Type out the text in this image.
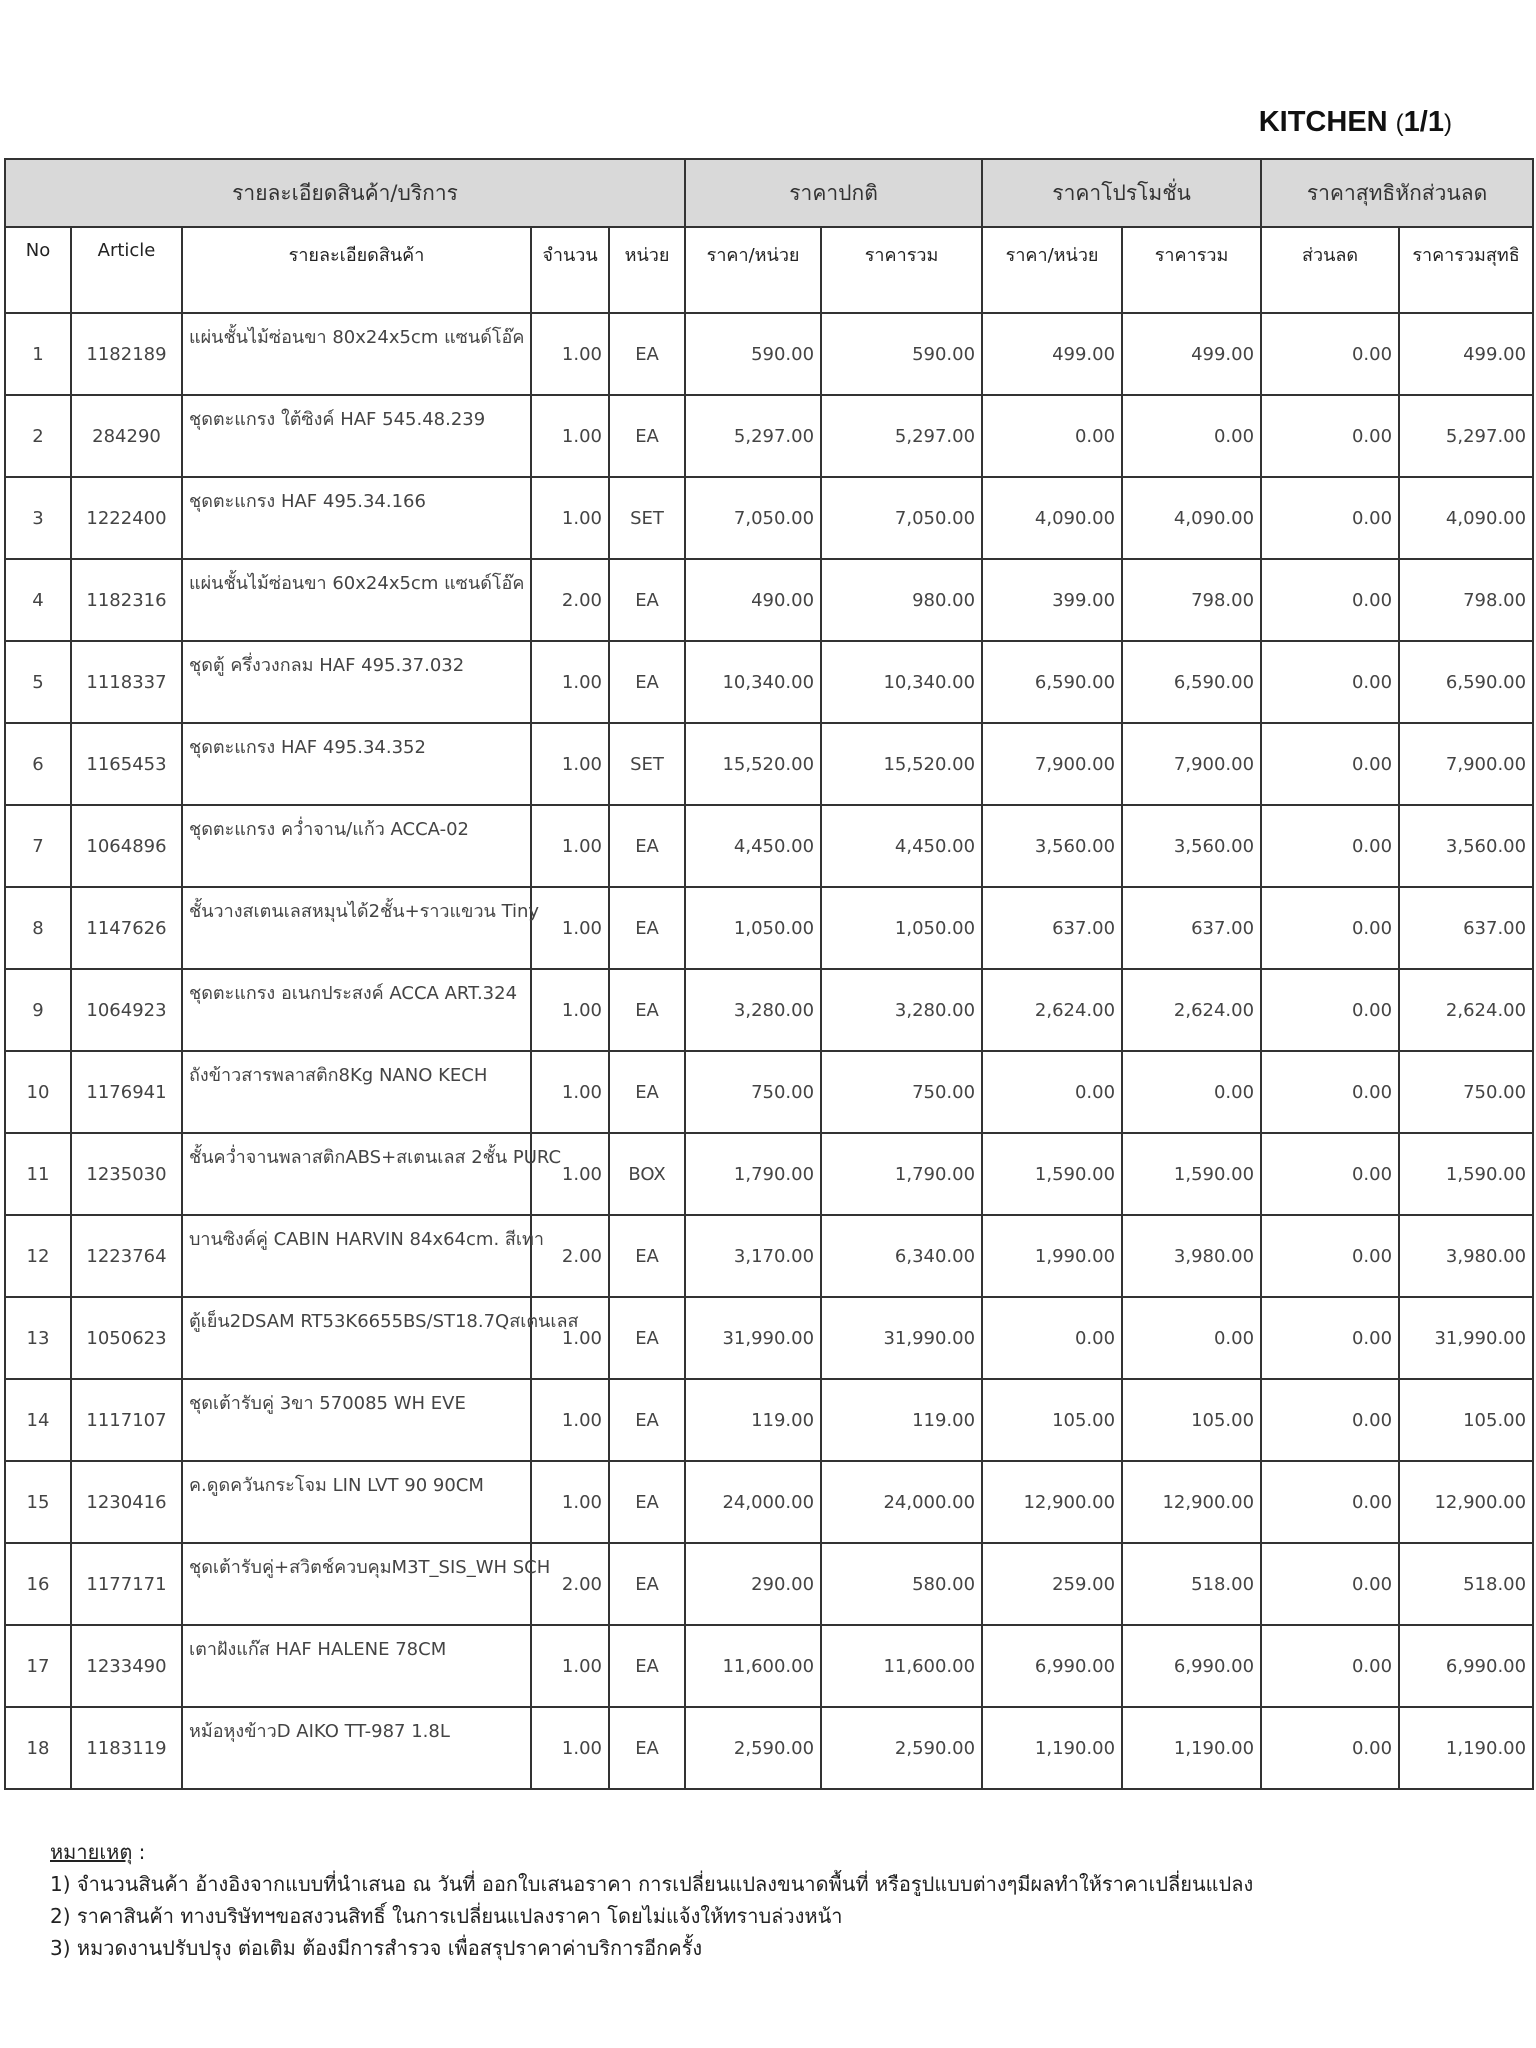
KITCHEN (1/1)
รายละเอียดสินค้า/บริการ					ราคาปกติ		ราคาโปรโมชั่น		ราคาสุทธิหักส่วนลด	
No	Article	รายละเอียดสินค้า	จำนวน	หน่วย	ราคา/หน่วย	ราคารวม	ราคา/หน่วย	ราคารวม	ส่วนลด	ราคารวมสุทธิ
1	1182189	แผ่นชั้นไม้ซ่อนขา 80x24x5cm แซนด์โอ๊ค	1.00	EA	590.00	590.00	499.00	499.00	0.00	499.00
2	284290	ชุดตะแกรง ใต้ซิงค์ HAF 545.48.239	1.00	EA	5,297.00	5,297.00	0.00	0.00	0.00	5,297.00
3	1222400	ชุดตะแกรง HAF 495.34.166	1.00	SET	7,050.00	7,050.00	4,090.00	4,090.00	0.00	4,090.00
4	1182316	แผ่นชั้นไม้ซ่อนขา 60x24x5cm แซนด์โอ๊ค	2.00	EA	490.00	980.00	399.00	798.00	0.00	798.00
5	1118337	ชุดตู้ ครึ่งวงกลม HAF 495.37.032	1.00	EA	10,340.00	10,340.00	6,590.00	6,590.00	0.00	6,590.00
6	1165453	ชุดตะแกรง HAF 495.34.352	1.00	SET	15,520.00	15,520.00	7,900.00	7,900.00	0.00	7,900.00
7	1064896	ชุดตะแกรง คว่ำจาน/แก้ว ACCA-02	1.00	EA	4,450.00	4,450.00	3,560.00	3,560.00	0.00	3,560.00
8	1147626	ชั้นวางสเตนเลสหมุนได้2ชั้น+ราวแขวน Tiny	1.00	EA	1,050.00	1,050.00	637.00	637.00	0.00	637.00
9	1064923	ชุดตะแกรง อเนกประสงค์ ACCA ART.324	1.00	EA	3,280.00	3,280.00	2,624.00	2,624.00	0.00	2,624.00
10	1176941	ถังข้าวสารพลาสติก8Kg NANO KECH	1.00	EA	750.00	750.00	0.00	0.00	0.00	750.00
11	1235030	ชั้นคว่ำจานพลาสติกABS+สเตนเลส 2ชั้น PURC	1.00	BOX	1,790.00	1,790.00	1,590.00	1,590.00	0.00	1,590.00
12	1223764	บานซิงค์คู่ CABIN HARVIN 84x64cm. สีเทา	2.00	EA	3,170.00	6,340.00	1,990.00	3,980.00	0.00	3,980.00
13	1050623	ตู้เย็น2DSAM RT53K6655BS/ST18.7Qสเตนเลส	1.00	EA	31,990.00	31,990.00	0.00	0.00	0.00	31,990.00
14	1117107	ชุดเต้ารับคู่ 3ขา 570085 WH EVE	1.00	EA	119.00	119.00	105.00	105.00	0.00	105.00
15	1230416	ค.ดูดควันกระโจม LIN LVT 90 90CM	1.00	EA	24,000.00	24,000.00	12,900.00	12,900.00	0.00	12,900.00
16	1177171	ชุดเต้ารับคู่+สวิตช์ควบคุมM3T_SIS_WH SCH	2.00	EA	290.00	580.00	259.00	518.00	0.00	518.00
17	1233490	เตาฝังแก๊ส HAF HALENE 78CM	1.00	EA	11,600.00	11,600.00	6,990.00	6,990.00	0.00	6,990.00
18	1183119	หม้อหุงข้าวD AIKO TT-987 1.8L	1.00	EA	2,590.00	2,590.00	1,190.00	1,190.00	0.00	1,190.00
หมายเหตุ :
1) จำนวนสินค้า อ้างอิงจากแบบที่นำเสนอ ณ วันที่ ออกใบเสนอราคา การเปลี่ยนแปลงขนาดพื้นที่ หรือรูปแบบต่างๆมีผลทำให้ราคาเปลี่ยนแปลง
2) ราคาสินค้า ทางบริษัทฯขอสงวนสิทธิ์ ในการเปลี่ยนแปลงราคา โดยไม่แจ้งให้ทราบล่วงหน้า
3) หมวดงานปรับปรุง ต่อเติม ต้องมีการสำรวจ เพื่อสรุปราคาค่าบริการอีกครั้ง
